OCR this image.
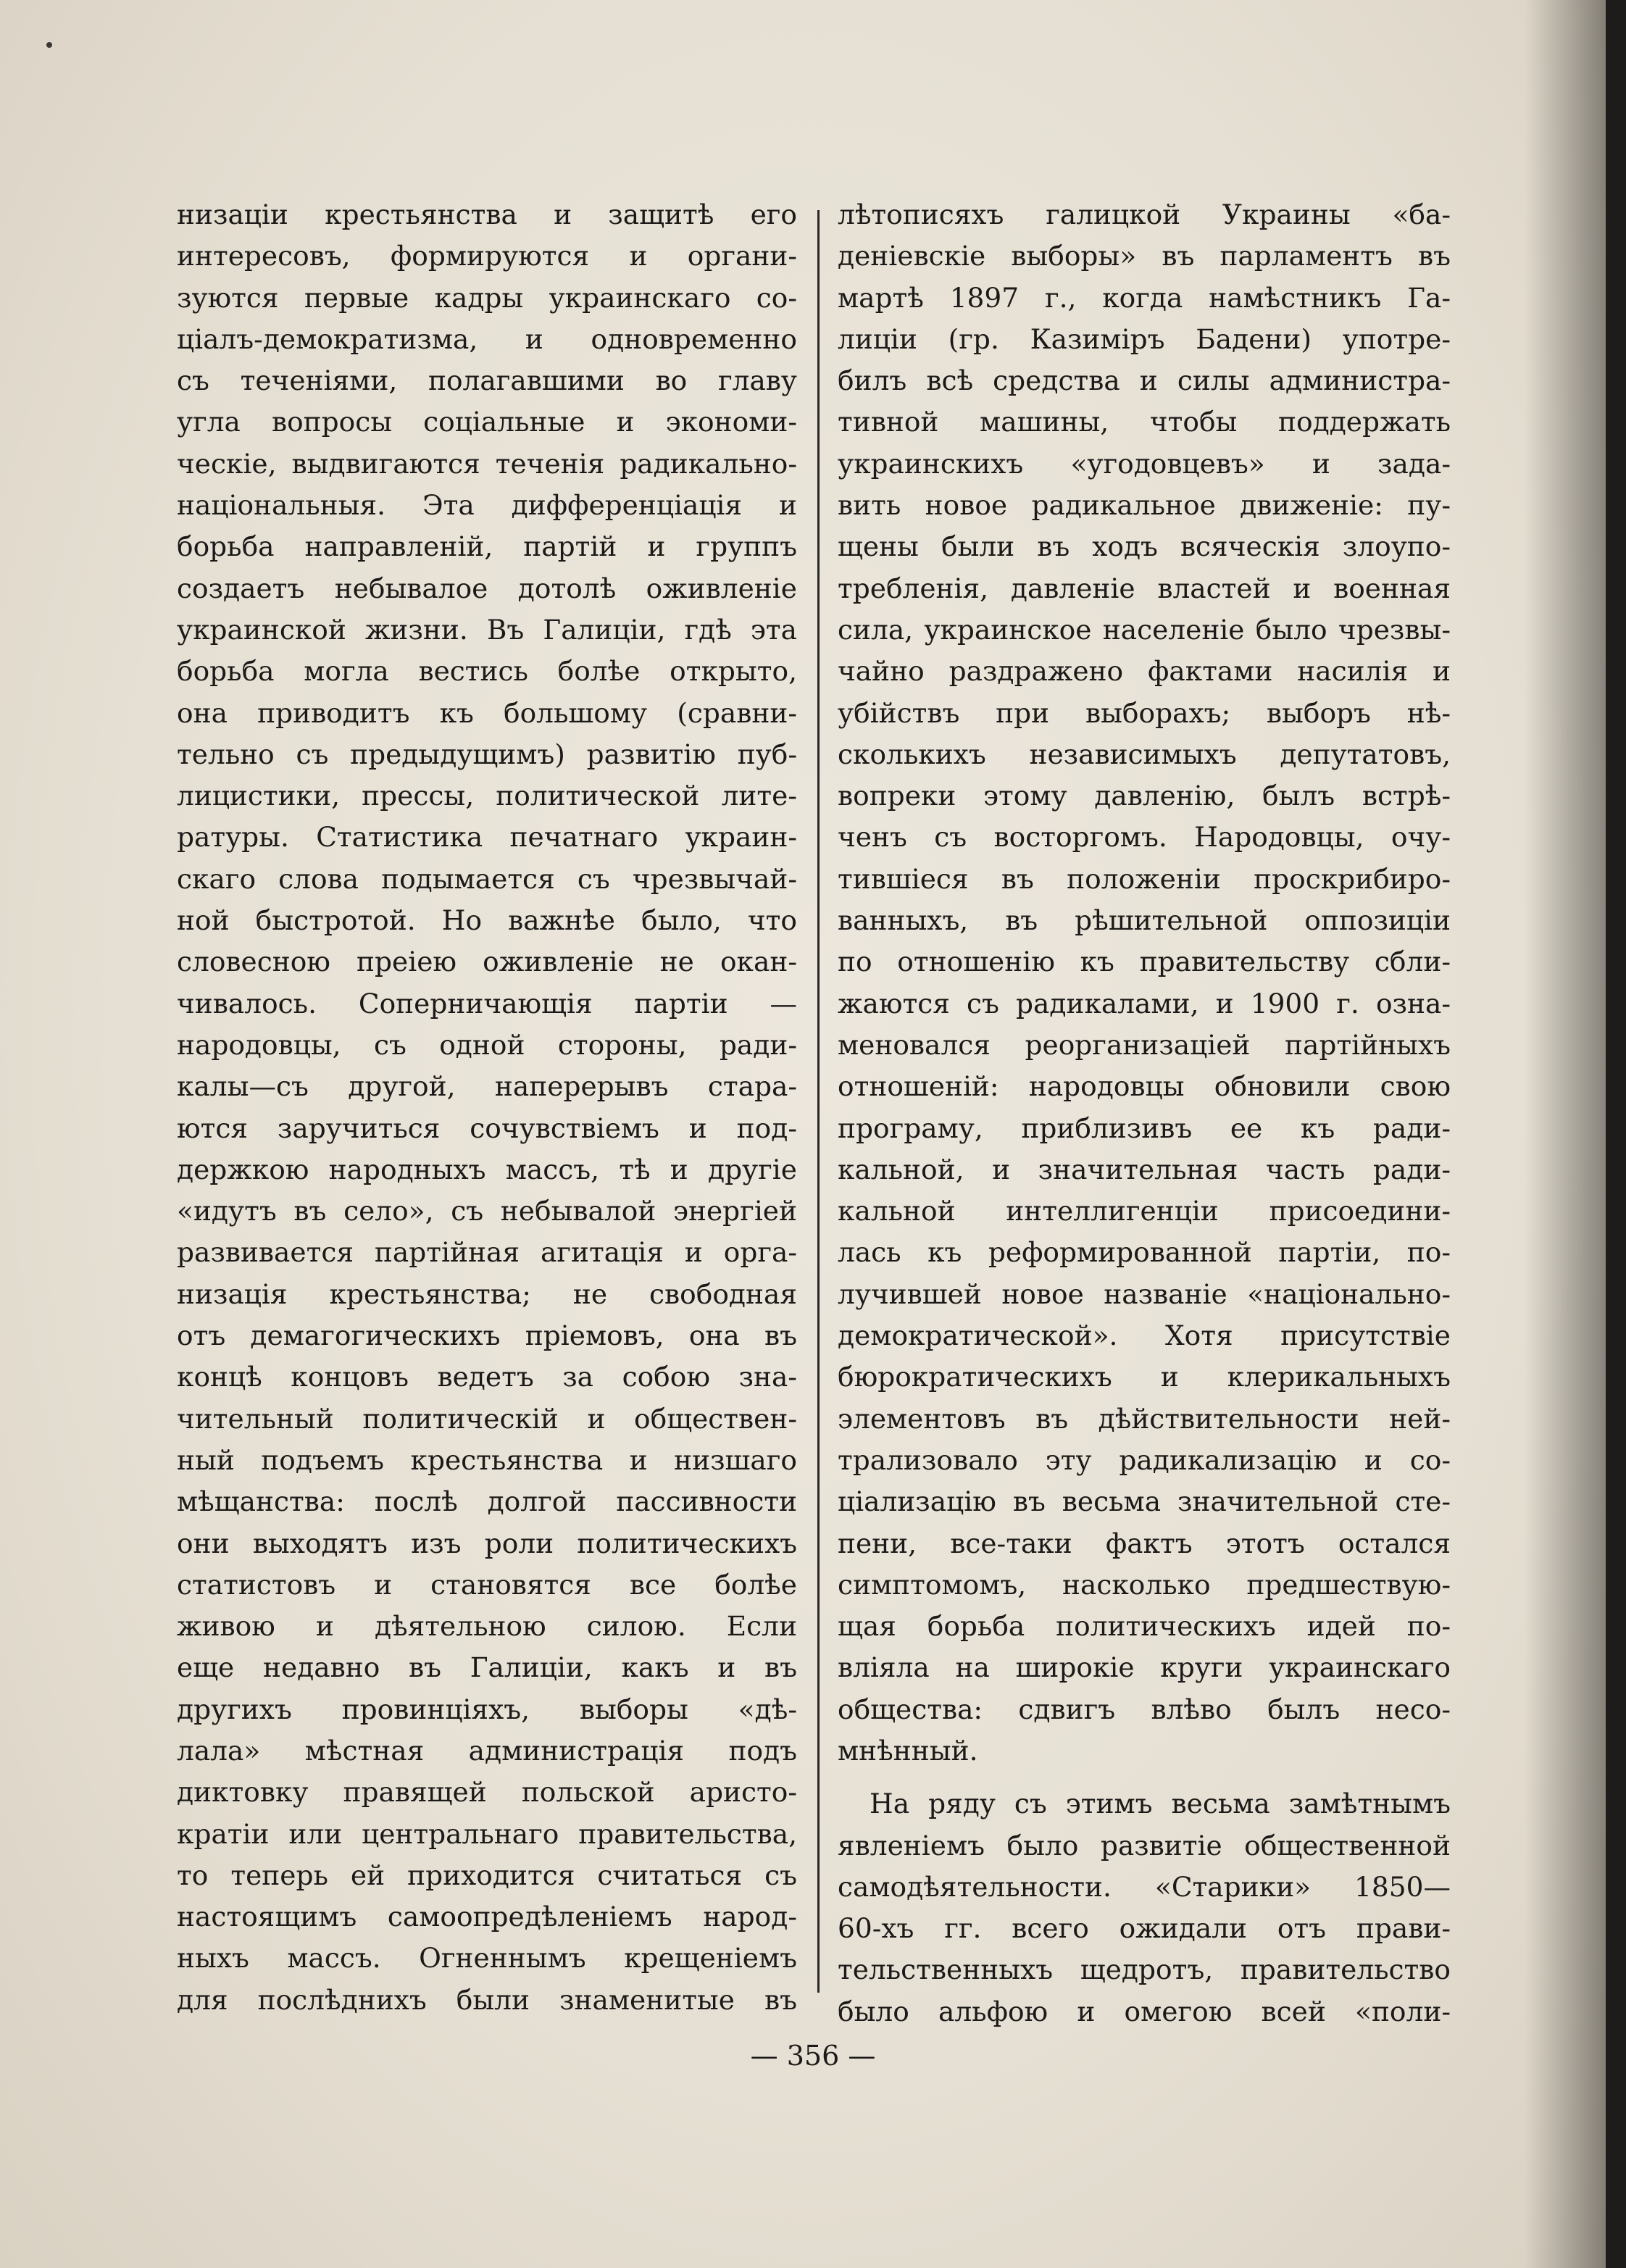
низаціи крестьянства и защитѣ его
интересовъ, формируются и органи-
зуются первые кадры украинскаго со-
ціалъ-демократизма, и одновременно
съ теченіями, полагавшими во главу
угла вопросы соціальные и экономи-
ческіе, выдвигаются теченія радикально-
національныя. Эта дифференціація и
борьба направленій, партій и группъ
создаетъ небывалое дотолѣ оживленіе
украинской жизни. Въ Галиціи, гдѣ эта
борьба могла вестись болѣе открыто,
она приводитъ къ большому (сравни-
тельно съ предыдущимъ) развитію пуб-
лицистики, прессы, политической лите-
ратуры. Статистика печатнаго украин-
скаго слова подымается съ чрезвычай-
ной быстротой. Но важнѣе было, что
словесною преіею оживленіе не окан-
чивалось. Соперничающія партіи —
народовцы, съ одной стороны, ради-
калы—съ другой, наперерывъ стара-
ются заручиться сочувствіемъ и под-
держкою народныхъ массъ, тѣ и другіе
«идутъ въ село», съ небывалой энергіей
развивается партійная агитація и орга-
низація крестьянства; не свободная
отъ демагогическихъ пріемовъ, она въ
концѣ концовъ ведетъ за собою зна-
чительный политическій и обществен-
ный подъемъ крестьянства и низшаго
мѣщанства: послѣ долгой пассивности
они выходятъ изъ роли политическихъ
статистовъ и становятся все болѣе
живою и дѣятельною силою. Если
еще недавно въ Галиціи, какъ и въ
другихъ провинціяхъ, выборы «дѣ-
лала» мѣстная администрація подъ
диктовку правящей польской аристо-
кратіи или центральнаго правительства,
то теперь ей приходится считаться съ
настоящимъ самоопредѣленіемъ народ-
ныхъ массъ. Огненнымъ крещеніемъ
для послѣднихъ были знаменитые въ
лѣтописяхъ галицкой Украины «ба-
деніевскіе выборы» въ парламентъ въ
мартѣ 1897 г., когда намѣстникъ Га-
лиціи (гр. Казиміръ Бадени) употре-
билъ всѣ средства и силы администра-
тивной машины, чтобы поддержать
украинскихъ «угодовцевъ» и зада-
вить новое радикальное движеніе: пу-
щены были въ ходъ всяческія злоупо-
требленія, давленіе властей и военная
сила, украинское населеніе было чрезвы-
чайно раздражено фактами насилія и
убійствъ при выборахъ; выборъ нѣ-
сколькихъ независимыхъ депутатовъ,
вопреки этому давленію, былъ встрѣ-
ченъ съ восторгомъ. Народовцы, очу-
тившіеся въ положеніи проскрибиро-
ванныхъ, въ рѣшительной оппозиціи
по отношенію къ правительству сбли-
жаются съ радикалами, и 1900 г. озна-
меновался реорганизаціей партійныхъ
отношеній: народовцы обновили свою
програму, приблизивъ ее къ ради-
кальной, и значительная часть ради-
кальной интеллигенціи присоедини-
лась къ реформированной партіи, по-
лучившей новое названіе «національно-
демократической». Хотя присутствіе
бюрократическихъ и клерикальныхъ
элементовъ въ дѣйствительности ней-
трализовало эту радикализацію и со-
ціализацію въ весьма значительной сте-
пени, все-таки фактъ этотъ остался
симптомомъ, насколько предшествую-
щая борьба политическихъ идей по-
вліяла на широкіе круги украинскаго
общества: сдвигъ влѣво былъ несо-
мнѣнный.
На ряду съ этимъ весьма замѣтнымъ
явленіемъ было развитіе общественной
самодѣятельности. «Старики» 1850—
60-хъ гг. всего ожидали отъ прави-
тельственныхъ щедротъ, правительство
было альфою и омегою всей «поли-
— 356 —
